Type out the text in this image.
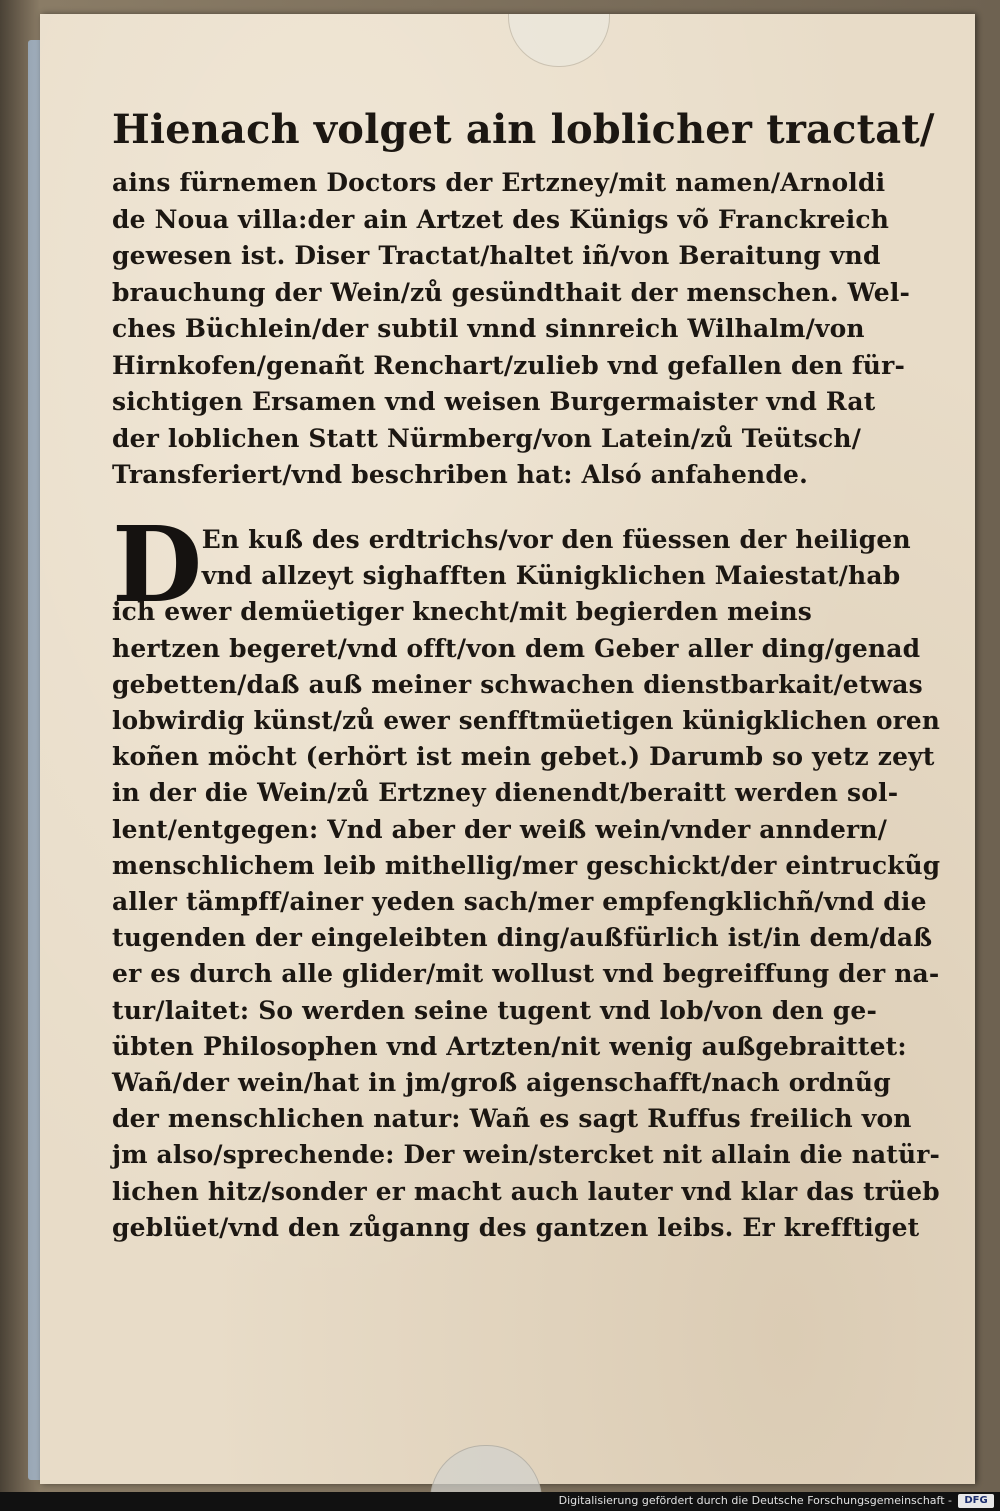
Hienach volget ain loblicher tractat/
ains fürnemen Doctors der Ertzney/mit namen/Arnoldi
de Noua villa:der ain Artzet des Künigs võ Franckreich
gewesen ist. Diser Tractat/haltet iñ/von Beraitung vnd
brauchung der Wein/zů gesündthait der menschen. Wel-
ches Büchlein/der subtil vnnd sinnreich Wilhalm/von
Hirnkofen/genañt Renchart/zulieb vnd gefallen den für-
sichtigen Ersamen vnd weisen Burgermaister vnd Rat
der loblichen Statt Nürmberg/von Latein/zů Teütsch/
Transferiert/vnd beschriben hat: Alsó anfahende.
D En kuß des erdtrichs/vor den füessen der heiligen
vnd allzeyt sighafften Künigklichen Maiestat/hab
ich ewer demüetiger knecht/mit begierden meins
hertzen begeret/vnd offt/von dem Geber aller ding/genad
gebetten/daß auß meiner schwachen dienstbarkait/etwas
lobwirdig künst/zů ewer senfftmüetigen künigklichen oren
koñen möcht (erhört ist mein gebet.) Darumb so yetz zeyt
in der die Wein/zů Ertzney dienendt/beraitt werden sol-
lent/entgegen: Vnd aber der weiß wein/vnder anndern/
menschlichem leib mithellig/mer geschickt/der eintruckũg
aller tämpff/ainer yeden sach/mer empfengklichñ/vnd die
tugenden der eingeleibten ding/außfürlich ist/in dem/daß
er es durch alle glider/mit wollust vnd begreiffung der na-
tur/laitet: So werden seine tugent vnd lob/von den ge-
übten Philosophen vnd Artzten/nit wenig außgebraittet:
Wañ/der wein/hat in jm/groß aigenschafft/nach ordnũg
der menschlichen natur: Wañ es sagt Ruffus freilich von
jm also/sprechende: Der wein/stercket nit allain die natür-
lichen hitz/sonder er macht auch lauter vnd klar das trüeb
geblüet/vnd den zůganng des gantzen leibs. Er krefftiget
Digitalisierung gefördert durch die Deutsche Forschungsgemeinschaft -	DFG
